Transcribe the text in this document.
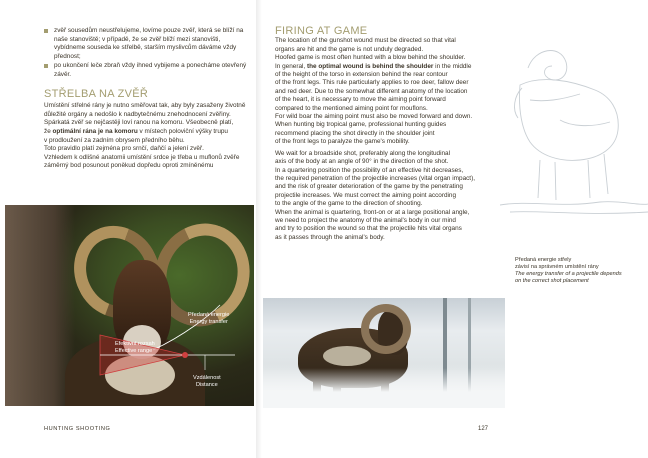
zvěř sousedům neustřelujeme, lovíme pouze zvěř, která se blíží na naše stanoviště; v případě, že se zvěř blíží mezi stanovišti, vybídneme souseda ke střelbě, starším myslivcům dáváme vždy přednost;
po ukončení leče zbraň vždy ihned vybijeme a ponecháme otevřený závěr.
STŘELBA NA ZVĚŘ

Umístění střelné rány je nutno směřovat tak, aby byly zasaženy životně

důležité orgány a nedošlo k nadbytečnému znehodnocení zvěřiny.

Spárkatá zvěř se nejčastěji loví ranou na komoru. Všeobecně platí,

že optimální rána je na komoru v místech poloviční výšky trupu

v prodloužení za zadním obrysem předního běhu.

Toto pravidlo platí zejména pro srnčí, daňčí a jelení zvěř.

Vzhledem k odlišné anatomii umístění srdce je třeba u muflonů zvěře

záměrný bod posunout poněkud dopředu oproti zmíněnému

Předaná energie
Energy transfer
Efektivní rozsah
Effective range
Vzdálenost
Distance
FIRING AT GAME

The location of the gunshot wound must be directed so that vital

organs are hit and the game is not unduly degraded.

Hoofed game is most often hunted with a blow behind the shoulder.

In general, the optimal wound is behind the shoulder in the middle

of the height of the torso in extension behind the rear contour

of the front legs. This rule particularly applies to roe deer, fallow deer

and red deer. Due to the somewhat different anatomy of the location

of the heart, it is necessary to move the aiming point forward

compared to the mentioned aiming point for mouflons.

For wild boar the aiming point must also be moved forward and down.

When hunting big tropical game, professional hunting guides

recommend placing the shot directly in the shoulder joint

of the front legs to paralyze the game's mobility.

We wait for a broadside shot, preferably along the longitudinal

axis of the body at an angle of 90° in the direction of the shot.

In a quartering position the possibility of an effective hit decreases,

the required penetration of the projectile increases (vital organ impact),

and the risk of greater deterioration of the game by the penetrating

projectile increases. We must correct the aiming point according

to the angle of the game to the direction of shooting.

When the animal is quartering, front-on or at a large positional angle,

we need to project the anatomy of the animal's body in our mind

and try to position the wound so that the projectile hits vital organs

as it passes through the animal's body.

Předaná energie střely
závisí na správném umístění rány
The energy transfer of a projectile depends
on the correct shot placement
HUNTING SHOOTING	127
